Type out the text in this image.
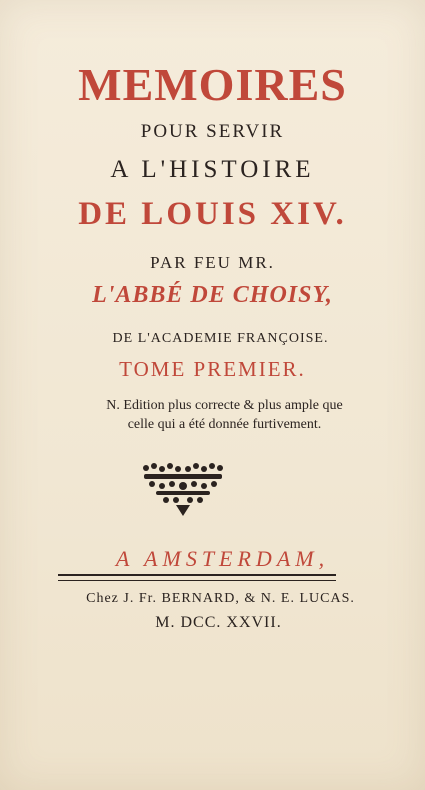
MEMOIRES
POUR SERVIR
A L'HISTOIRE
DE LOUIS XIV.
PAR FEU MR.
L'ABBÉ DE CHOISY,
DE L'ACADEMIE FRANÇOISE.
TOME PREMIER.
N. Edition plus correcte & plus ample que
celle qui a été donnée furtivement.
A AMSTERDAM,
Chez J. Fr. BERNARD, & N. E. LUCAS.
M. DCC. XXVII.
